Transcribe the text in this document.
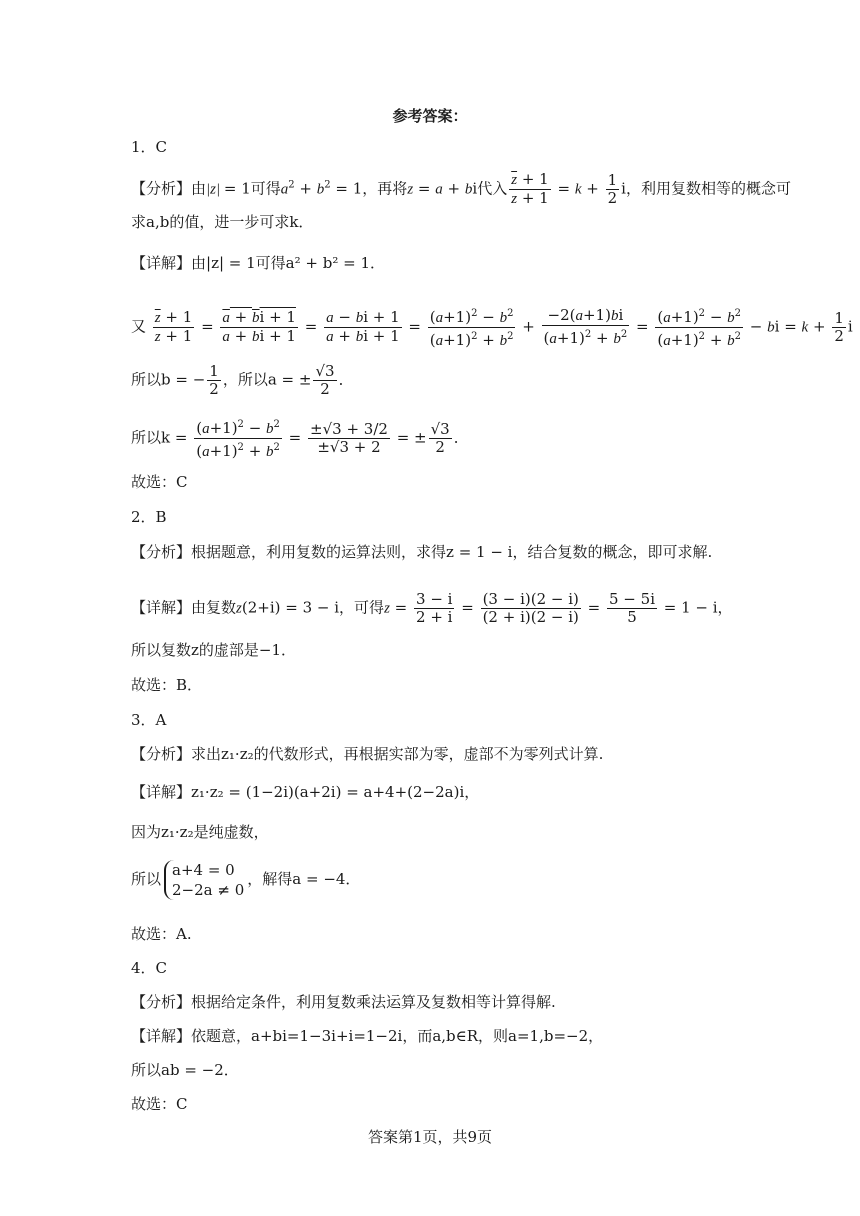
参考答案：
1．C
【分析】由|z| = 1可得$a^2 + b^2 = 1$，再将z = a + bi代入 $\frac{\overline{z} + 1}{z + 1} = k + \frac{1}{2}$ i，利用复数相等的概念可
求a,b的值，进一步可求k．
【详解】由|z| = 1可得a² + b² = 1．
又 $\frac{\overline{z} + 1}{z + 1} = \frac{a + bi + 1}{a + bi + 1} = \frac{a - bi + 1}{a + bi + 1} = \frac{(a+1)^2 - b^2}{(a+1)^2 + b^2} + \frac{-2(a+1)bi}{(a+1)^2 + b^2} = \frac{(a+1)^2 - b^2}{(a+1)^2 + b^2}$ − bi = $k + \frac{1}{2}$ i
所以b = − $\frac{1}{2}$ ，所以a = ± $\frac{√3}{2}$ ．
所以$k = \frac{(a+1)^2 - b^2}{(a+1)^2 + b^2} = \frac{\pm√3 + 3/2}{\pm√3 + 2}$ = ± $\frac{√3}{2}$ ．
故选：C
2．B
【分析】根据题意，利用复数的运算法则，求得z = 1 − i，结合复数的概念，即可求解.
【详解】由复数z(2+i) = 3 − i，可得$z = \frac{3 - i}{2 + i} = \frac{(3 - i)(2 - i)}{(2 + i)(2 - i)} = \frac{5 - 5i}{5} = 1 - i$，
所以复数z的虚部是−1．
故选：B．
3．A
【分析】求出z₁·z₂的代数形式，再根据实部为零，虚部不为零列式计算.
【详解】z₁·z₂ = (1−2i)(a+2i) = a+4+(2−2a)i，
因为z₁·z₂是纯虚数，
所以 a+4 = 0
2−2a ≠ 0
，解得a = −4．
故选：A.
4．C
【分析】根据给定条件，利用复数乘法运算及复数相等计算得解.
【详解】依题意，a+bi=1−3i+i=1−2i，而a,b∈R，则a=1,b=−2，
所以ab = −2．
故选：C
答案第1页，共9页
